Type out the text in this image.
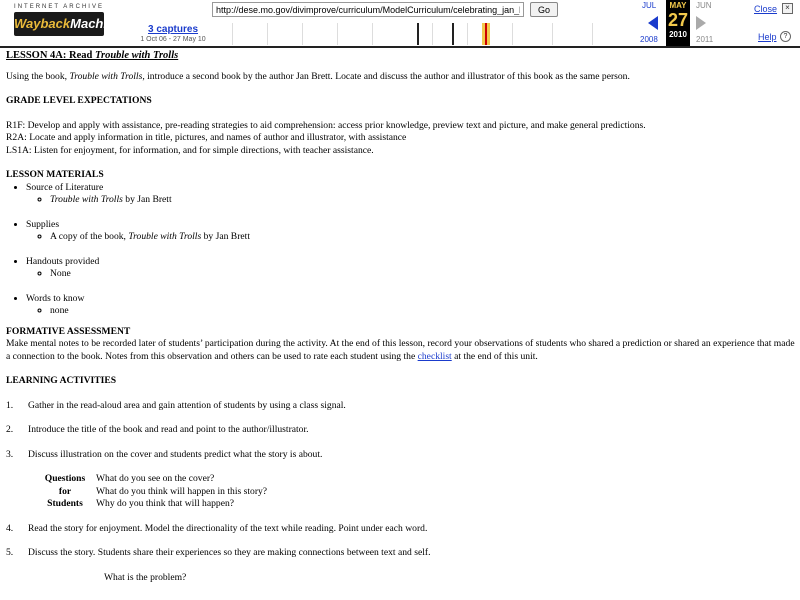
INTERNET ARCHIVE
WaybackMachine	3 captures
1 Oct 06 - 27 May 10
http://dese.mo.gov/divimprove/curriculum/ModelCurriculum/celebrating_jan_brett.
Go	JUL	MAY
27
2010
JUN
2008	2011
Close	×
Help	?

LESSON 4A: Read Trouble with Trolls

Using the book, Trouble with Trolls, introduce a second book by the author Jan Brett. Locate and discuss the author and illustrator of this book as the same person.

GRADE LEVEL EXPECTATIONS

R1F: Develop and apply with assistance, pre-reading strategies to aid comprehension: access prior knowledge, preview text and picture, and make general predictions.

R2A: Locate and apply information in title, pictures, and names of author and illustrator, with assistance

LS1A: Listen for enjoyment, for information, and for simple directions, with teacher assistance.

LESSON MATERIALS

• Source of Literature
◦ Trouble with Trolls by Jan Brett
• Supplies
◦ A copy of the book, Trouble with Trolls by Jan Brett
• Handouts provided
◦ None
• Words to know
◦ none

FORMATIVE ASSESSMENT

Make mental notes to be recorded later of students’ participation during the activity. At the end of this lesson, record your observations of students who shared a prediction or shared an experience that made a connection to the book. Notes from this observation and others can be used to rate each student using the checklist at the end of this unit.

LEARNING ACTIVITIES

1. Gather in the read-aloud area and gain attention of students by using a class signal.
2. Introduce the title of the book and read and point to the author/illustrator.
3. Discuss illustration on the cover and students predict what the story is about.
Questions	What do you see on the cover?
for	What do you think will happen in this story?
Students	Why do you think that will happen?
4. Read the story for enjoyment. Model the directionality of the text while reading. Point under each word.
5. Discuss the story. Students share their experiences so they are making connections between text and self.

What is the problem?
